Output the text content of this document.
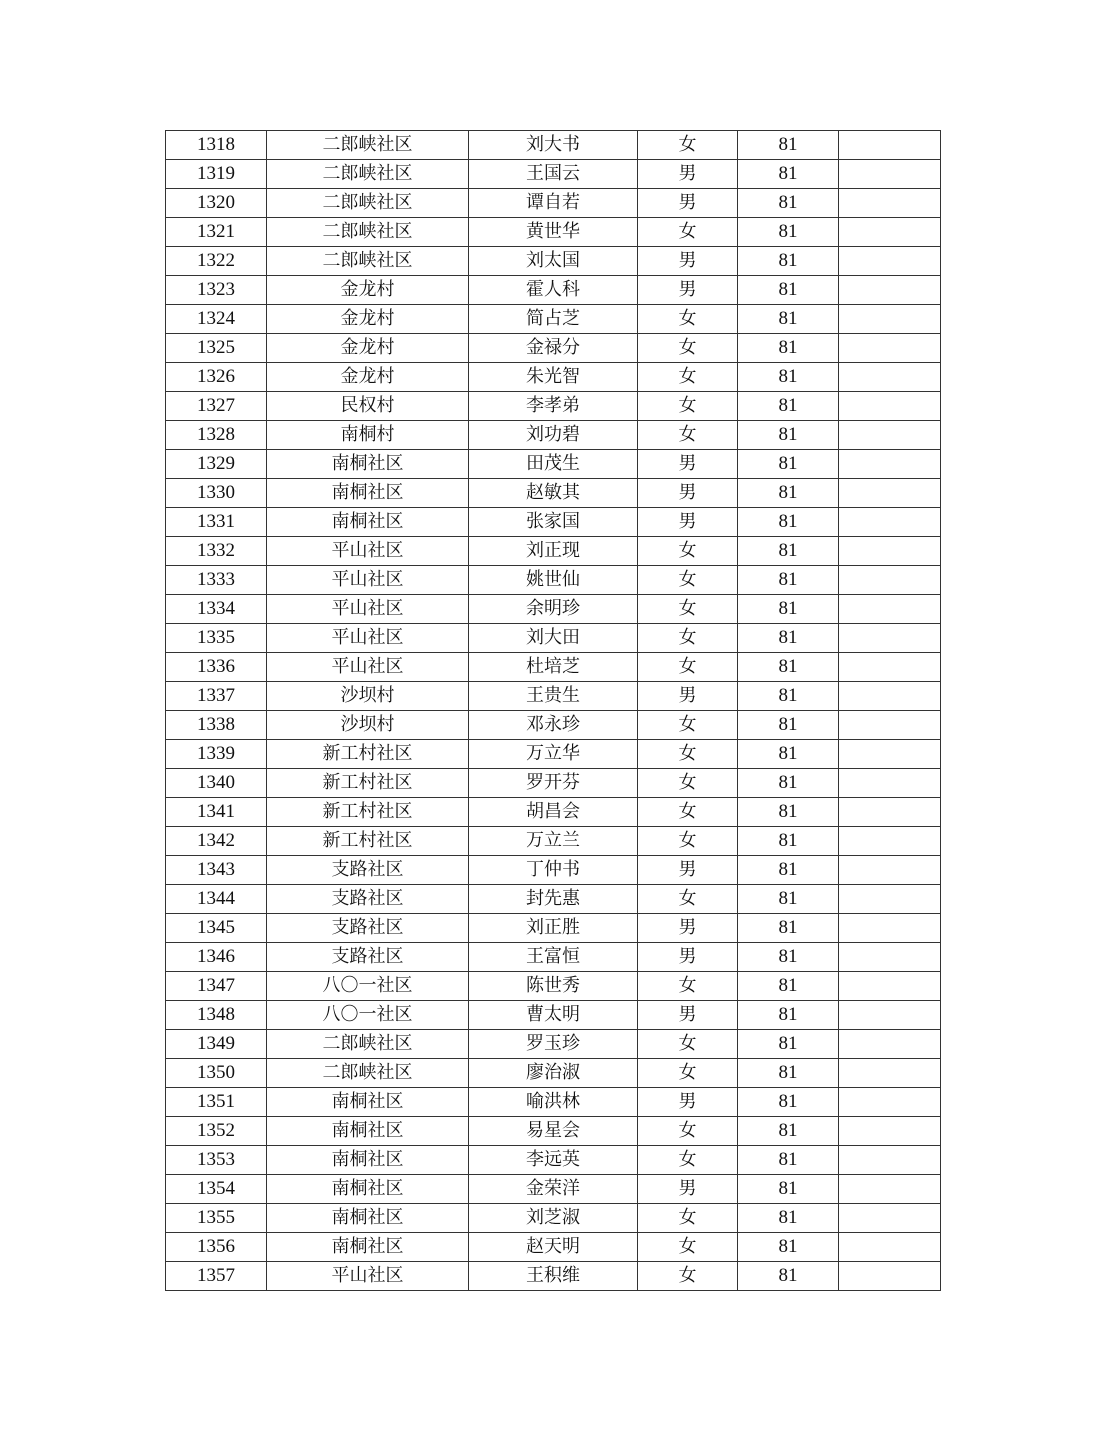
1318	二郎峡社区	刘大书	女	81	
1319	二郎峡社区	王国云	男	81	
1320	二郎峡社区	谭自若	男	81	
1321	二郎峡社区	黄世华	女	81	
1322	二郎峡社区	刘太国	男	81	
1323	金龙村	霍人科	男	81	
1324	金龙村	简占芝	女	81	
1325	金龙村	金禄分	女	81	
1326	金龙村	朱光智	女	81	
1327	民权村	李孝弟	女	81	
1328	南桐村	刘功碧	女	81	
1329	南桐社区	田茂生	男	81	
1330	南桐社区	赵敏其	男	81	
1331	南桐社区	张家国	男	81	
1332	平山社区	刘正现	女	81	
1333	平山社区	姚世仙	女	81	
1334	平山社区	余明珍	女	81	
1335	平山社区	刘大田	女	81	
1336	平山社区	杜培芝	女	81	
1337	沙坝村	王贵生	男	81	
1338	沙坝村	邓永珍	女	81	
1339	新工村社区	万立华	女	81	
1340	新工村社区	罗开芬	女	81	
1341	新工村社区	胡昌会	女	81	
1342	新工村社区	万立兰	女	81	
1343	支路社区	丁仲书	男	81	
1344	支路社区	封先惠	女	81	
1345	支路社区	刘正胜	男	81	
1346	支路社区	王富恒	男	81	
1347	八〇一社区	陈世秀	女	81	
1348	八〇一社区	曹太明	男	81	
1349	二郎峡社区	罗玉珍	女	81	
1350	二郎峡社区	廖治淑	女	81	
1351	南桐社区	喻洪林	男	81	
1352	南桐社区	易星会	女	81	
1353	南桐社区	李远英	女	81	
1354	南桐社区	金荣洋	男	81	
1355	南桐社区	刘芝淑	女	81	
1356	南桐社区	赵天明	女	81	
1357	平山社区	王积维	女	81	
